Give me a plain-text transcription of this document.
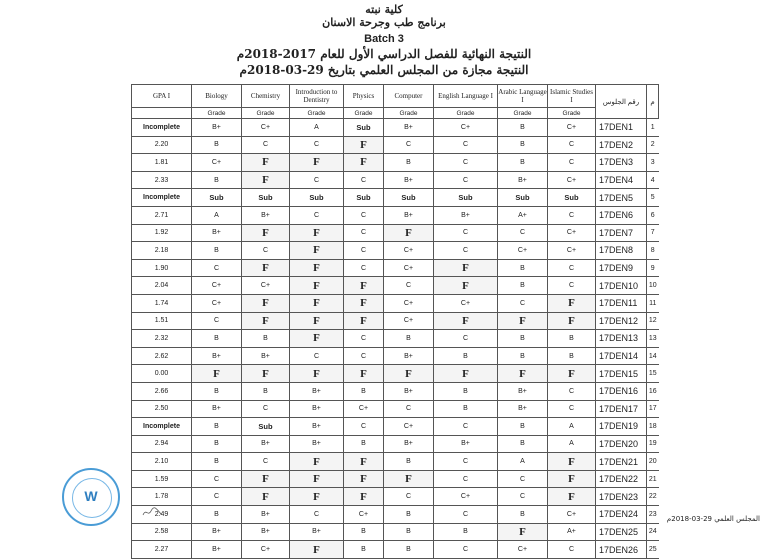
كلية نبته
برنامج طب وجرحة الاسنان
Batch 3
النتيجة النهائية للفصل الدراسي الأول للعام 2017-2018م
النتيجة مجازة من المجلس العلمي بتاريخ 29-03-2018م
GPA I	Biology	Chemistry	Introduction to Dentistry	Physics	Computer	English Language I	Arabic Language I	Islamic Studies I	رقم الجلوس	م
	Grade	Grade	Grade	Grade	Grade	Grade	Grade	Grade		
Incomplete	B+	C+	A	Sub	B+	C+	B	C+	17DEN1	1
2.20	B	C	C	F	C	C	B	C	17DEN2	2
1.81	C+	F	F	F	B	C	B	C	17DEN3	3
2.33	B	F	C	C	B+	C	B+	C+	17DEN4	4
Incomplete	Sub	Sub	Sub	Sub	Sub	Sub	Sub	Sub	17DEN5	5
2.71	A	B+	C	C	B+	B+	A+	C	17DEN6	6
1.92	B+	F	F	C	F	C	C	C+	17DEN7	7
2.18	B	C	F	C	C+	C	C+	C+	17DEN8	8
1.90	C	F	F	C	C+	F	B	C	17DEN9	9
2.04	C+	C+	F	F	C	F	B	C	17DEN10	10
1.74	C+	F	F	F	C+	C+	C	F	17DEN11	11
1.51	C	F	F	F	C+	F	F	F	17DEN12	12
2.32	B	B	F	C	B	C	B	B	17DEN13	13
2.62	B+	B+	C	C	B+	B	B	B	17DEN14	14
0.00	F	F	F	F	F	F	F	F	17DEN15	15
2.66	B	B	B+	B	B+	B	B+	C	17DEN16	16
2.50	B+	C	B+	C+	C	B	B+	C	17DEN17	17
Incomplete	B	Sub	B+	C	C+	C	B	A	17DEN19	18
2.94	B	B+	B+	B	B+	B+	B	A	17DEN20	19
2.10	B	C	F	F	B	C	A	F	17DEN21	20
1.59	C	F	F	F	F	C	C	F	17DEN22	21
1.78	C	F	F	F	C	C+	C	F	17DEN23	22
2.49	B	B+	C	C+	B	C	B	C+	17DEN24	23
2.58	B+	B+	B+	B	B	B	F	A+	17DEN25	24
2.27	B+	C+	F	B	B	C	C+	C	17DEN26	25
W
المجلس العلمي 29-03-2018م
